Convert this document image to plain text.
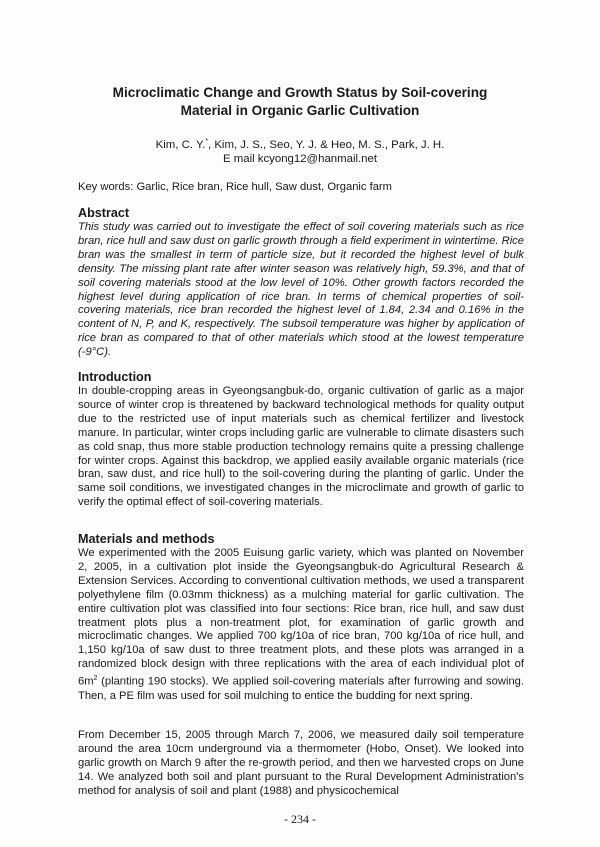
Microclimatic Change and Growth Status by Soil-covering
Material in Organic Garlic Cultivation
Kim, C. Y.*, Kim, J. S., Seo, Y. J. & Heo, M. S., Park, J. H.
E mail kcyong12@hanmail.net
Key words: Garlic, Rice bran, Rice hull, Saw dust, Organic farm
Abstract

This study was carried out to investigate the effect of soil covering materials such as rice bran, rice hull and saw dust on garlic growth through a field experiment in wintertime. Rice bran was the smallest in term of particle size, but it recorded the highest level of bulk density. The missing plant rate after winter season was relatively high, 59.3%, and that of soil covering materials stood at the low level of 10%. Other growth factors recorded the highest level during application of rice bran. In terms of chemical properties of soil-covering materials, rice bran recorded the highest level of 1.84, 2.34 and 0.16% in the content of N, P, and K, respectively. The subsoil temperature was higher by application of rice bran as compared to that of other materials which stood at the lowest temperature (-9°C).

Introduction

In double-cropping areas in Gyeongsangbuk-do, organic cultivation of garlic as a major source of winter crop is threatened by backward technological methods for quality output due to the restricted use of input materials such as chemical fertilizer and livestock manure. In particular, winter crops including garlic are vulnerable to climate disasters such as cold snap, thus more stable production technology remains quite a pressing challenge for winter crops. Against this backdrop, we applied easily available organic materials (rice bran, saw dust, and rice hull) to the soil-covering during the planting of garlic. Under the same soil conditions, we investigated changes in the microclimate and growth of garlic to verify the optimal effect of soil-covering materials.

Materials and methods

We experimented with the 2005 Euisung garlic variety, which was planted on November 2, 2005, in a cultivation plot inside the Gyeongsangbuk-do Agricultural Research & Extension Services. According to conventional cultivation methods, we used a transparent polyethylene film (0.03mm thickness) as a mulching material for garlic cultivation. The entire cultivation plot was classified into four sections: Rice bran, rice hull, and saw dust treatment plots plus a non-treatment plot, for examination of garlic growth and microclimatic changes. We applied 700 kg/10a of rice bran, 700 kg/10a of rice hull, and 1,150 kg/10a of saw dust to three treatment plots, and these plots was arranged in a randomized block design with three replications with the area of each individual plot of $6m^2$ (planting 190 stocks). We applied soil-covering materials after furrowing and sowing. Then, a PE film was used for soil mulching to entice the budding for next spring.

From December 15, 2005 through March 7, 2006, we measured daily soil temperature around the area 10cm underground via a thermometer (Hobo, Onset). We looked into garlic growth on March 9 after the re-growth period, and then we harvested crops on June 14. We analyzed both soil and plant pursuant to the Rural Development Administration's method for analysis of soil and plant (1988) and physicochemical

- 234 -
